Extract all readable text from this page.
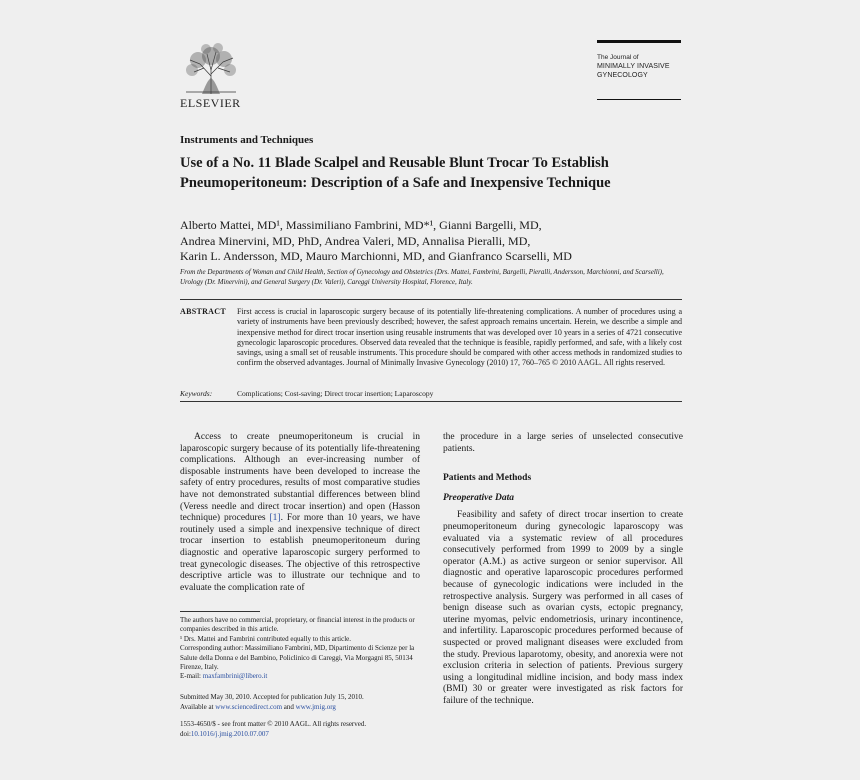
ELSEVIER
The Journal of
MINIMALLY INVASIVE
GYNECOLOGY
Instruments and Techniques
Use of a No. 11 Blade Scalpel and Reusable Blunt Trocar To Establish Pneumoperitoneum: Description of a Safe and Inexpensive Technique
Alberto Mattei, MD¹, Massimiliano Fambrini, MD*¹, Gianni Bargelli, MD,
Andrea Minervini, MD, PhD, Andrea Valeri, MD, Annalisa Pieralli, MD,
Karin L. Andersson, MD, Mauro Marchionni, MD, and Gianfranco Scarselli, MD
From the Departments of Woman and Child Health, Section of Gynecology and Obstetrics (Drs. Mattei, Fambrini, Bargelli, Pieralli, Andersson, Marchionni, and Scarselli), Urology (Dr. Minervini), and General Surgery (Dr. Valeri), Careggi University Hospital, Florence, Italy.
ABSTRACT First access is crucial in laparoscopic surgery because of its potentially life-threatening complications. A number of procedures using a variety of instruments have been previously described; however, the safest approach remains uncertain. Herein, we describe a simple and inexpensive method for direct trocar insertion using reusable instruments that was developed over 10 years in a series of 4721 consecutive gynecologic laparoscopic procedures. Observed data revealed that the technique is feasible, rapidly performed, and safe, with a likely cost savings, using a small set of reusable instruments. This procedure should be compared with other access methods in randomized studies to confirm the observed advantages. Journal of Minimally Invasive Gynecology (2010) 17, 760–765 © 2010 AAGL. All rights reserved.
Keywords:	Complications; Cost-saving; Direct trocar insertion; Laparoscopy
Access to create pneumoperitoneum is crucial in laparoscopic surgery because of its potentially life-threatening complications. Although an ever-increasing number of disposable instruments have been developed to increase the safety of entry procedures, results of most comparative studies have not demonstrated substantial differences between blind (Veress needle and direct trocar insertion) and open (Hasson technique) procedures [1]. For more than 10 years, we have routinely used a simple and inexpensive technique of direct trocar insertion to establish pneumoperitoneum during diagnostic and operative laparoscopic surgery performed to treat gynecologic diseases. The objective of this retrospective descriptive article was to illustrate our technique and to evaluate the complication rate of
the procedure in a large series of unselected consecutive patients.
Patients and Methods
Preoperative Data
Feasibility and safety of direct trocar insertion to create pneumoperitoneum during gynecologic laparoscopy was evaluated via a systematic review of all procedures consecutively performed from 1999 to 2009 by a single operator (A.M.) as active surgeon or senior supervisor. All diagnostic and operative laparoscopic procedures performed because of gynecologic indications were included in the retrospective analysis. Surgery was performed in all cases of benign disease such as ovarian cysts, ectopic pregnancy, uterine myomas, pelvic endometriosis, urinary incontinence, and infertility. Laparoscopic procedures performed because of suspected or proved malignant diseases were excluded from the study. Previous laparotomy, obesity, and anorexia were not exclusion criteria in selection of patients. Previous surgery using a longitudinal midline incision, and body mass index (BMI) 30 or greater were investigated as risk factors for failure of the technique.

The authors have no commercial, proprietary, or financial interest in the products or companies described in this article.

¹ Drs. Mattei and Fambrini contributed equally to this article.

Corresponding author: Massimiliano Fambrini, MD, Dipartimento di Scienze per la Salute della Donna e del Bambino, Policlinico di Careggi, Via Morgagni 85, 50134 Firenze, Italy.

E-mail: maxfambrini@libero.it

Submitted May 30, 2010. Accepted for publication July 15, 2010.

Available at www.sciencedirect.com and www.jmig.org

1553-4650/$ - see front matter © 2010 AAGL. All rights reserved.

doi:10.1016/j.jmig.2010.07.007
